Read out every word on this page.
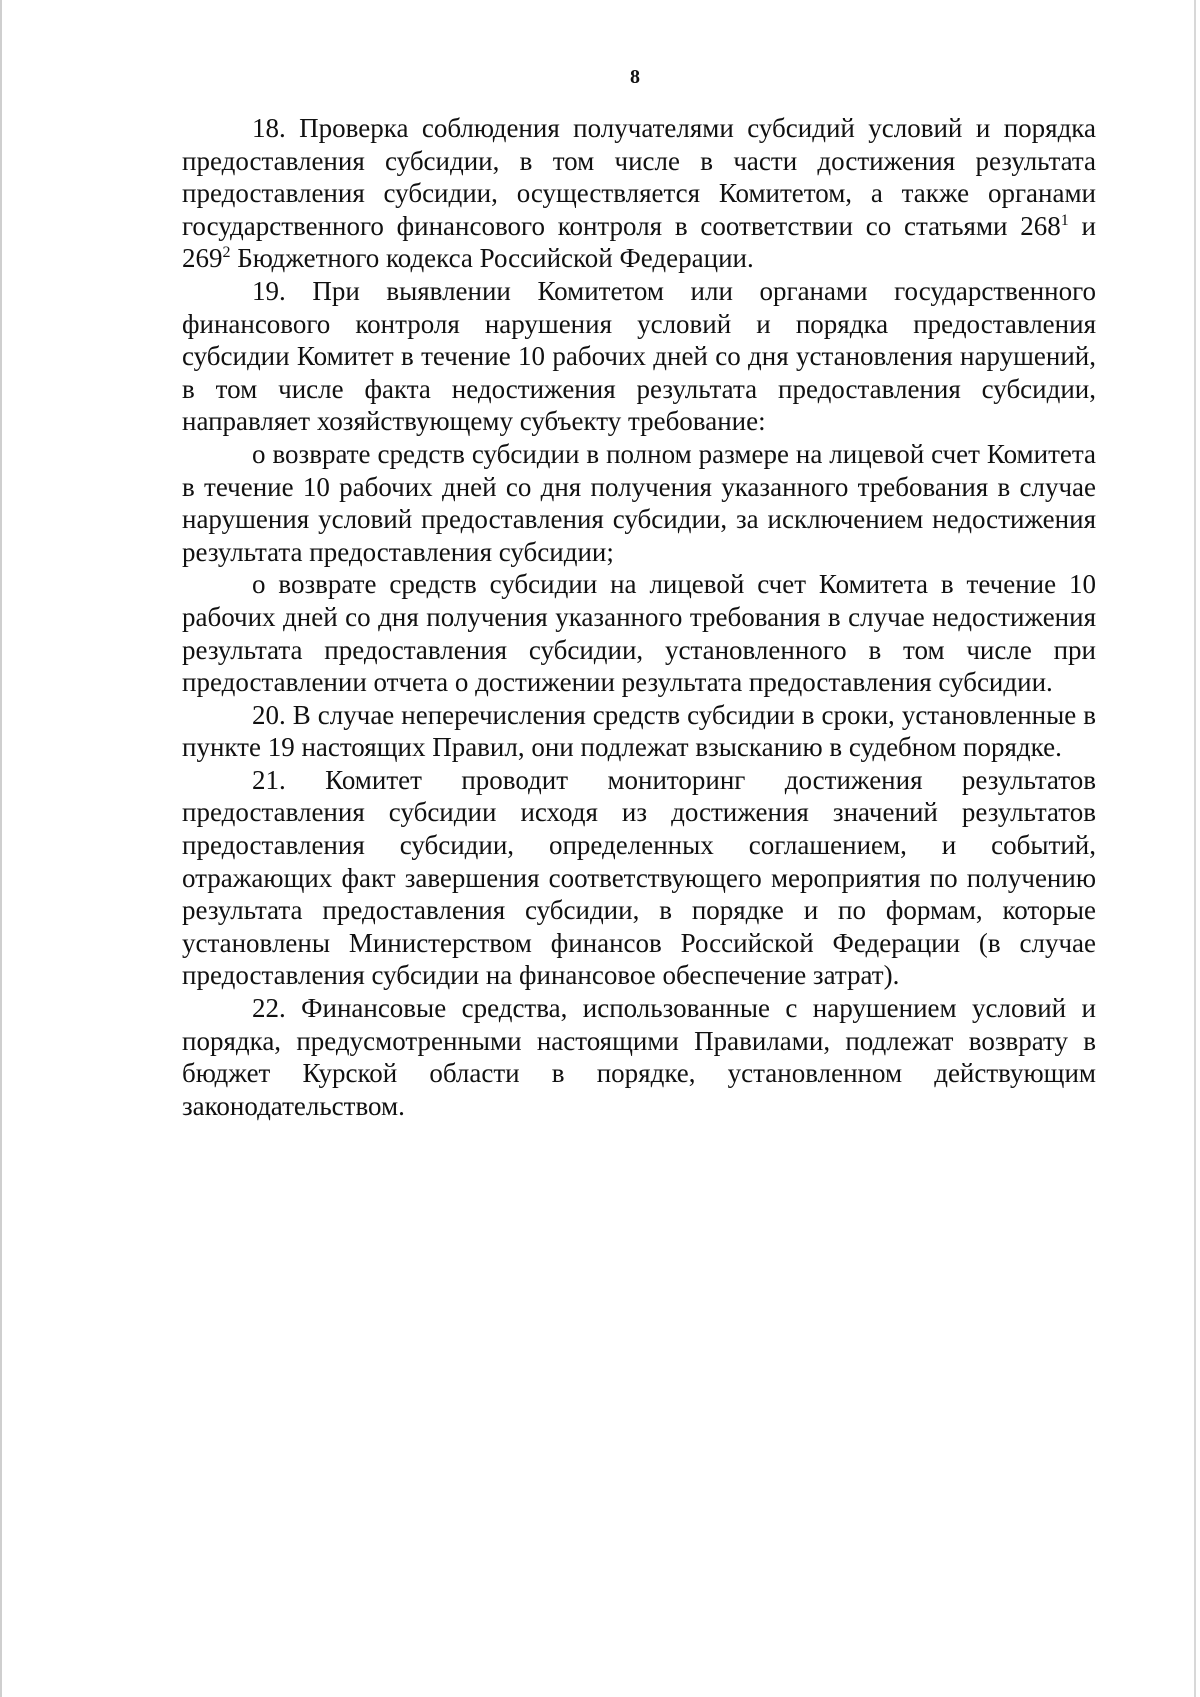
8

18. Проверка соблюдения получателями субсидий условий и порядка предоставления субсидии, в том числе в части достижения результата предоставления субсидии, осуществляется Комитетом, а также органами государственного финансового контроля в соответствии со статьями $268^1$ и $269^2$ Бюджетного кодекса Российской Федерации.

19. При выявлении Комитетом или органами государственного финансового контроля нарушения условий и порядка предоставления субсидии Комитет в течение 10 рабочих дней со дня установления нарушений, в том числе факта недостижения результата предоставления субсидии, направляет хозяйствующему субъекту требование:

о возврате средств субсидии в полном размере на лицевой счет Комитета в течение 10 рабочих дней со дня получения указанного требования в случае нарушения условий предоставления субсидии, за исключением недостижения результата предоставления субсидии;

о возврате средств субсидии на лицевой счет Комитета в течение 10 рабочих дней со дня получения указанного требования в случае недостижения результата предоставления субсидии, установленного в том числе при предоставлении отчета о достижении результата предоставления субсидии.

20. В случае неперечисления средств субсидии в сроки, установленные в пункте 19 настоящих Правил, они подлежат взысканию в судебном порядке.

21. Комитет проводит мониторинг достижения результатов предоставления субсидии исходя из достижения значений результатов предоставления субсидии, определенных соглашением, и событий, отражающих факт завершения соответствующего мероприятия по получению результата предоставления субсидии, в порядке и по формам, которые установлены Министерством финансов Российской Федерации (в случае предоставления субсидии на финансовое обеспечение затрат).

22. Финансовые средства, использованные с нарушением условий и порядка, предусмотренными настоящими Правилами, подлежат возврату в бюджет Курской области в порядке, установленном действующим законодательством.
